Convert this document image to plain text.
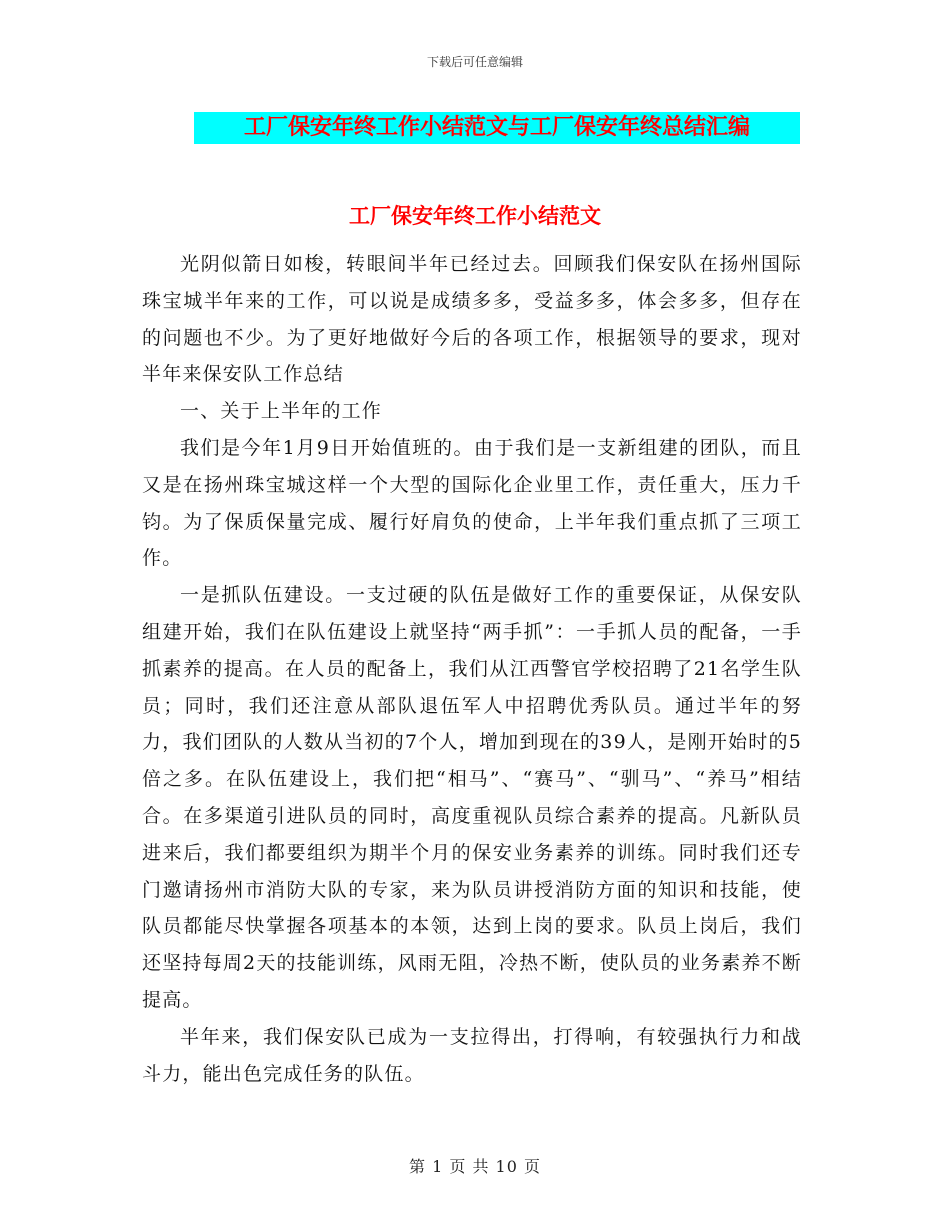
下载后可任意编辑
工厂保安年终工作小结范文与工厂保安年终总结汇编
工厂保安年终工作小结范文

光阴似箭日如梭，转眼间半年已经过去。回顾我们保安队在扬州国际珠宝城半年来的工作，可以说是成绩多多，受益多多，体会多多，但存在的问题也不少。为了更好地做好今后的各项工作，根据领导的要求，现对半年来保安队工作总结

一、关于上半年的工作

我们是今年1月9日开始值班的。由于我们是一支新组建的团队，而且又是在扬州珠宝城这样一个大型的国际化企业里工作，责任重大，压力千钧。为了保质保量完成、履行好肩负的使命，上半年我们重点抓了三项工作。

一是抓队伍建设。一支过硬的队伍是做好工作的重要保证，从保安队组建开始，我们在队伍建设上就坚持“两手抓”：一手抓人员的配备，一手抓素养的提高。在人员的配备上，我们从江西警官学校招聘了21名学生队员；同时，我们还注意从部队退伍军人中招聘优秀队员。通过半年的努力，我们团队的人数从当初的7个人，增加到现在的39人，是刚开始时的5倍之多。在队伍建设上，我们把“相马”、“赛马”、“驯马”、“养马”相结合。在多渠道引进队员的同时，高度重视队员综合素养的提高。凡新队员进来后，我们都要组织为期半个月的保安业务素养的训练。同时我们还专门邀请扬州市消防大队的专家，来为队员讲授消防方面的知识和技能，使队员都能尽快掌握各项基本的本领，达到上岗的要求。队员上岗后，我们还坚持每周2天的技能训练，风雨无阻，冷热不断，使队员的业务素养不断提高。

半年来，我们保安队已成为一支拉得出，打得响，有较强执行力和战斗力，能出色完成任务的队伍。

第 1 页 共 10 页
